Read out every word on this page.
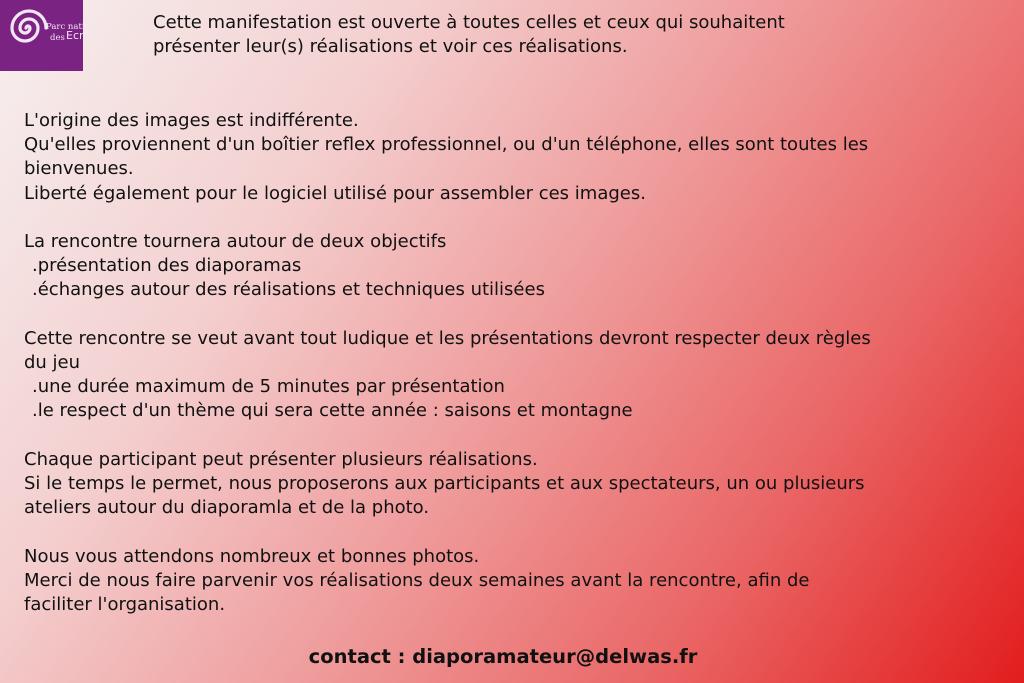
Parc national
des Ecrins

Cette manifestation est ouverte à toutes celles et ceux qui souhaitent
présenter leur(s) réalisations et voir ces réalisations.

L'origine des images est indifférente.
Qu'elles proviennent d'un boîtier reflex professionnel, ou d'un téléphone, elles sont toutes les
bienvenues.
Liberté également pour le logiciel utilisé pour assembler ces images.
La rencontre tournera autour de deux objectifs
.présentation des diaporamas
.échanges autour des réalisations et techniques utilisées
Cette rencontre se veut avant tout ludique et les présentations devront respecter deux règles
du jeu
.une durée maximum de 5 minutes par présentation
.le respect d'un thème qui sera cette année : saisons et montagne
Chaque participant peut présenter plusieurs réalisations.
Si le temps le permet, nous proposerons aux participants et aux spectateurs, un ou plusieurs
ateliers autour du diaporamla et de la photo.
Nous vous attendons nombreux et bonnes photos.
Merci de nous faire parvenir vos réalisations deux semaines avant la rencontre, afin de
faciliter l'organisation.
contact : diaporamateur@delwas.fr
